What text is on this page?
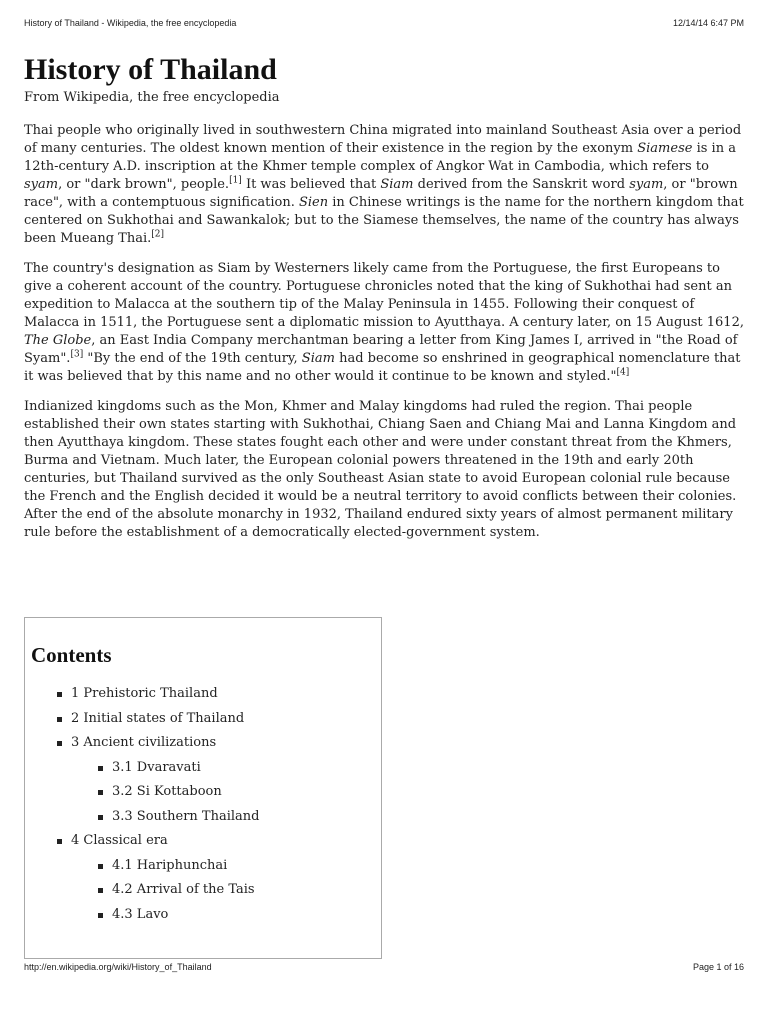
History of Thailand - Wikipedia, the free encyclopedia	12/14/14 6:47 PM
History of Thailand
From Wikipedia, the free encyclopedia

Thai people who originally lived in southwestern China migrated into mainland Southeast Asia over a period of many centuries. The oldest known mention of their existence in the region by the exonym Siamese is in a 12th-century A.D. inscription at the Khmer temple complex of Angkor Wat in Cambodia, which refers to syam, or "dark brown", people.[1] It was believed that Siam derived from the Sanskrit word syam, or "brown race", with a contemptuous signification. Sien in Chinese writings is the name for the northern kingdom that centered on Sukhothai and Sawankalok; but to the Siamese themselves, the name of the country has always been Mueang Thai.[2]

The country's designation as Siam by Westerners likely came from the Portuguese, the first Europeans to give a coherent account of the country. Portuguese chronicles noted that the king of Sukhothai had sent an expedition to Malacca at the southern tip of the Malay Peninsula in 1455. Following their conquest of Malacca in 1511, the Portuguese sent a diplomatic mission to Ayutthaya. A century later, on 15 August 1612, The Globe, an East India Company merchantman bearing a letter from King James I, arrived in "the Road of Syam".[3] "By the end of the 19th century, Siam had become so enshrined in geographical nomenclature that it was believed that by this name and no other would it continue to be known and styled."[4]

Indianized kingdoms such as the Mon, Khmer and Malay kingdoms had ruled the region. Thai people established their own states starting with Sukhothai, Chiang Saen and Chiang Mai and Lanna Kingdom and then Ayutthaya kingdom. These states fought each other and were under constant threat from the Khmers, Burma and Vietnam. Much later, the European colonial powers threatened in the 19th and early 20th centuries, but Thailand survived as the only Southeast Asian state to avoid European colonial rule because the French and the English decided it would be a neutral territory to avoid conflicts between their colonies. After the end of the absolute monarchy in 1932, Thailand endured sixty years of almost permanent military rule before the establishment of a democratically elected-government system.

Contents
1 Prehistoric Thailand
2 Initial states of Thailand
3 Ancient civilizations
3.1 Dvaravati
3.2 Si Kottaboon
3.3 Southern Thailand
4 Classical era
4.1 Hariphunchai
4.2 Arrival of the Tais
4.3 Lavo
http://en.wikipedia.org/wiki/History_of_Thailand	Page 1 of 16
